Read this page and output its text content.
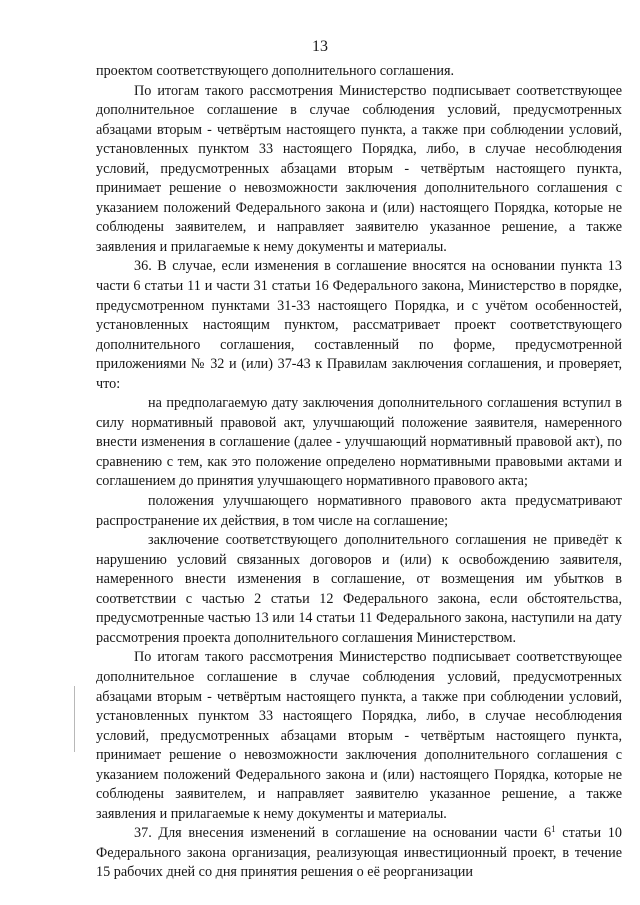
13

проектом соответствующего дополнительного соглашения.

По итогам такого рассмотрения Министерство подписывает соответствующее дополнительное соглашение в случае соблюдения условий, предусмотренных абзацами вторым - четвёртым настоящего пункта, а также при соблюдении условий, установленных пунктом 33 настоящего Порядка, либо, в случае несоблюдения условий, предусмотренных абзацами вторым - четвёртым настоящего пункта, принимает решение о невозможности заключения дополнительного соглашения с указанием положений Федерального закона и (или) настоящего Порядка, которые не соблюдены заявителем, и направляет заявителю указанное решение, а также заявления и прилагаемые к нему документы и материалы.

36. В случае, если изменения в соглашение вносятся на основании пункта 13 части 6 статьи 11 и части 31 статьи 16 Федерального закона, Министерство в порядке, предусмотренном пунктами 31-33 настоящего Порядка, и с учётом особенностей, установленных настоящим пунктом, рассматривает проект соответствующего дополнительного соглашения, составленный по форме, предусмотренной приложениями № 32 и (или) 37-43 к Правилам заключения соглашения, и проверяет, что:

на предполагаемую дату заключения дополнительного соглашения вступил в силу нормативный правовой акт, улучшающий положение заявителя, намеренного внести изменения в соглашение (далее - улучшающий нормативный правовой акт), по сравнению с тем, как это положение определено нормативными правовыми актами и соглашением до принятия улучшающего нормативного правового акта;

положения улучшающего нормативного правового акта предусматривают распространение их действия, в том числе на соглашение;

заключение соответствующего дополнительного соглашения не приведёт к нарушению условий связанных договоров и (или) к освобождению заявителя, намеренного внести изменения в соглашение, от возмещения им убытков в соответствии с частью 2 статьи 12 Федерального закона, если обстоятельства, предусмотренные частью 13 или 14 статьи 11 Федерального закона, наступили на дату рассмотрения проекта дополнительного соглашения Министерством.

По итогам такого рассмотрения Министерство подписывает соответствующее дополнительное соглашение в случае соблюдения условий, предусмотренных абзацами вторым - четвёртым настоящего пункта, а также при соблюдении условий, установленных пунктом 33 настоящего Порядка, либо, в случае несоблюдения условий, предусмотренных абзацами вторым - четвёртым настоящего пункта, принимает решение о невозможности заключения дополнительного соглашения с указанием положений Федерального закона и (или) настоящего Порядка, которые не соблюдены заявителем, и направляет заявителю указанное решение, а также заявления и прилагаемые к нему документы и материалы.

37. Для внесения изменений в соглашение на основании части $6^1$ статьи 10 Федерального закона организация, реализующая инвестиционный проект, в течение 15 рабочих дней со дня принятия решения о её реорганизации
